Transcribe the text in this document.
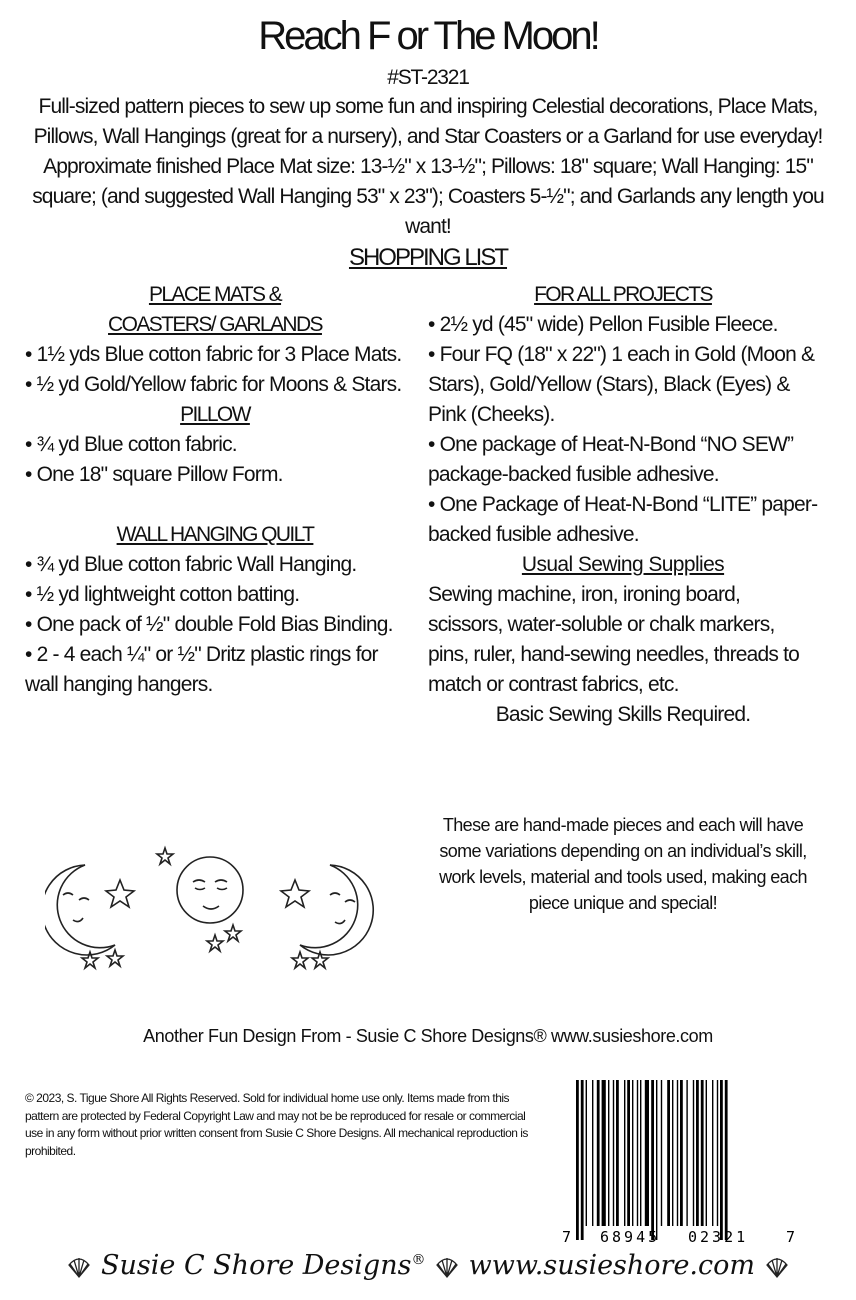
Reach F or The Moon!
#ST-2321
Full-sized pattern pieces to sew up some fun and inspiring Celestial decorations, Place Mats, Pillows, Wall Hangings (great for a nursery), and Star Coasters or a Garland for use everyday! Approximate finished Place Mat size: 13-½" x 13-½"; Pillows: 18" square; Wall Hanging: 15" square; (and suggested Wall Hanging 53" x 23"); Coasters 5-½"; and Garlands any length you want!
SHOPPING LIST
PLACE MATS &
COASTERS/ GARLANDS
• 1½ yds Blue cotton fabric for 3 Place Mats.
• ½ yd Gold/Yellow fabric for Moons & Stars.
PILLOW
• ¾ yd Blue cotton fabric.
• One 18" square Pillow Form.
WALL HANGING QUILT
• ¾ yd Blue cotton fabric Wall Hanging.
• ½ yd lightweight cotton batting.
• One pack of ½" double Fold Bias Binding.
• 2 - 4 each ¼" or ½" Dritz plastic rings for wall hanging hangers.
FOR ALL PROJECTS
• 2½ yd (45" wide) Pellon Fusible Fleece.
• Four FQ (18" x 22") 1 each in Gold (Moon & Stars), Gold/Yellow (Stars), Black (Eyes) & Pink (Cheeks).
• One package of Heat-N-Bond “NO SEW” package-backed fusible adhesive.
• One Package of Heat-N-Bond “LITE” paper-backed fusible adhesive.
Usual Sewing Supplies
Sewing machine, iron, ironing board, scissors, water-soluble or chalk markers, pins, ruler, hand-sewing needles, threads to match or contrast fabrics, etc.
Basic Sewing Skills Required.
These are hand-made pieces and each will have some variations depending on an individual’s skill, work levels, material and tools used, making each piece unique and special!
Another Fun Design From - Susie C Shore Designs® www.susieshore.com
© 2023, S. Tigue Shore All Rights Reserved. Sold for individual home use only. Items made from this pattern are protected by Federal Copyright Law and may not be be reproduced for resale or commercial use in any form without prior written consent from Susie C Shore Designs. All mechanical reproduction is prohibited.
7 68945 02321	7
Susie C Shore Designs® www.susieshore.com
